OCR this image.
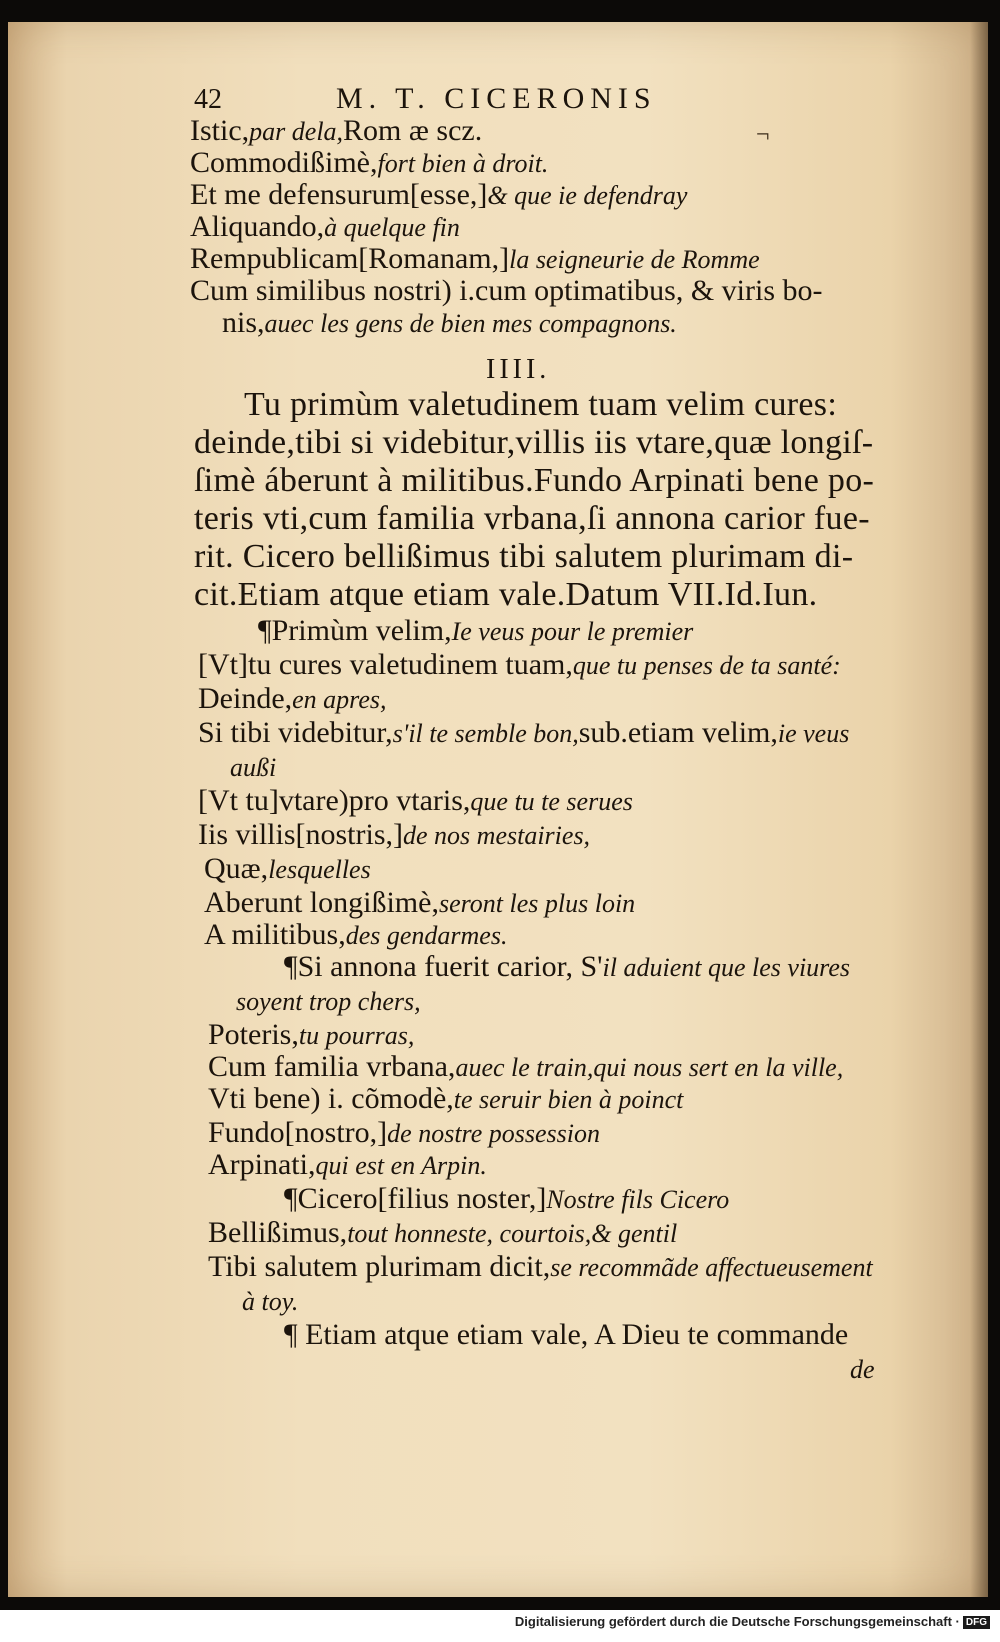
42	M. T. CICERONIS
¬
Istic,par dela,Rom æ scz.
Commodißimè,fort bien à droit.
Et me defensurum[esse,]& que ie defendray
Aliquando,à quelque fin
Rempublicam[Romanam,]la seigneurie de Romme
Cum similibus nostri) i.cum optimatibus, & viris bo-
nis,auec les gens de bien mes compagnons.
IIII.
Tu primùm valetudinem tuam velim cures:
deinde,tibi si videbitur,villis iis vtare,quæ longiſ-
ſimè áberunt à militibus.Fundo Arpinati bene po-
teris vti,cum familia vrbana,ſi annona carior fue-
rit. Cicero bellißimus tibi salutem plurimam di-
cit.Etiam atque etiam vale.Datum VII.Id.Iun.
¶Primùm velim,Ie veus pour le premier
[Vt]tu cures valetudinem tuam,que tu penses de ta santé:
Deinde,en apres,
Si tibi videbitur,s'il te semble bon,sub.etiam velim,ie veus
außi
[Vt tu]vtare)pro vtaris,que tu te serues
Iis villis[nostris,]de nos mestairies,
Quæ,lesquelles
Aberunt longißimè,seront les plus loin
A militibus,des gendarmes.
¶Si annona fuerit carior, S'il aduient que les viures
soyent trop chers,
Poteris,tu pourras,
Cum familia vrbana,auec le train,qui nous sert en la ville,
Vti bene) i. cõmodè,te seruir bien à poinct
Fundo[nostro,]de nostre possession
Arpinati,qui est en Arpin.
¶Cicero[filius noster,]Nostre fils Cicero
Bellißimus,tout honneste, courtois,& gentil
Tibi salutem plurimam dicit,se recommãde affectueusement
à toy.
¶ Etiam atque etiam vale, A Dieu te commande
de
Digitalisierung gefördert durch die Deutsche Forschungsgemeinschaft · DFG
